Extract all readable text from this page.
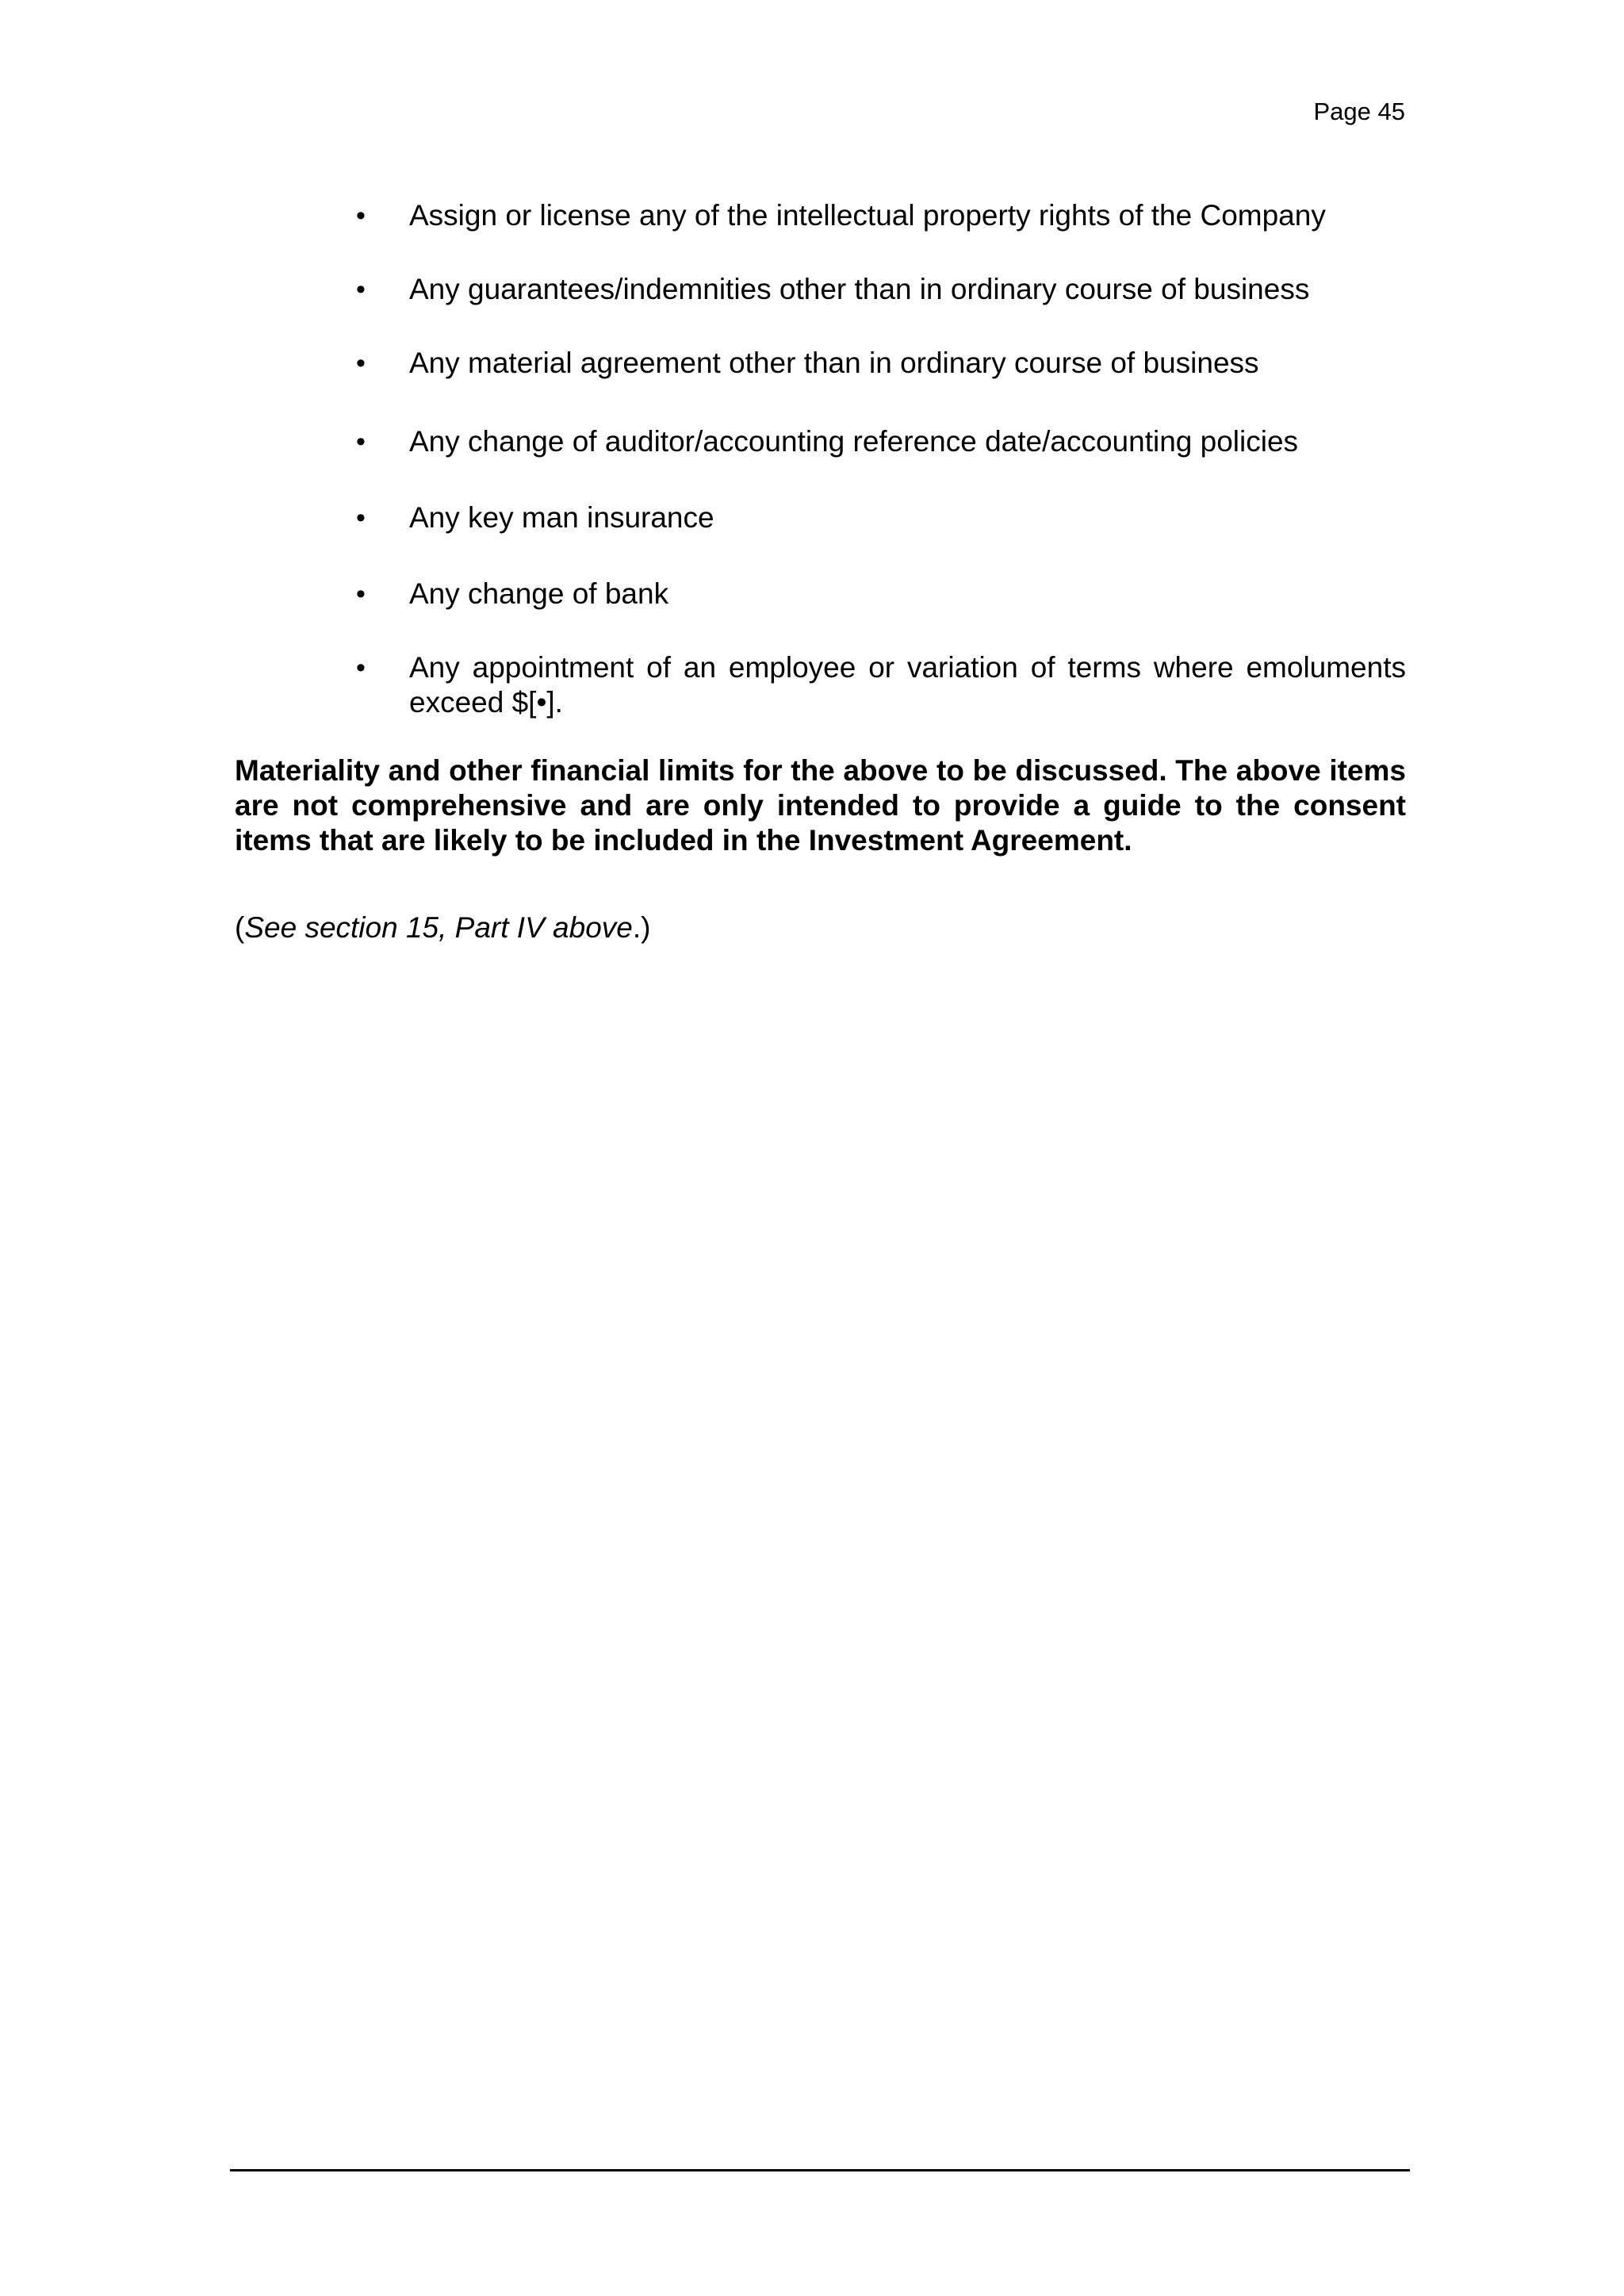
Page 45
• Assign or license any of the intellectual property rights of the Company
• Any guarantees/indemnities other than in ordinary course of business
• Any material agreement other than in ordinary course of business
• Any change of auditor/accounting reference date/accounting policies
• Any key man insurance
• Any change of bank
• Any appointment of an employee or variation of terms where emoluments exceed $[•].
Materiality and other financial limits for the above to be discussed. The above items are not comprehensive and are only intended to provide a guide to the consent items that are likely to be included in the Investment Agreement.
(See section 15, Part IV above.)
